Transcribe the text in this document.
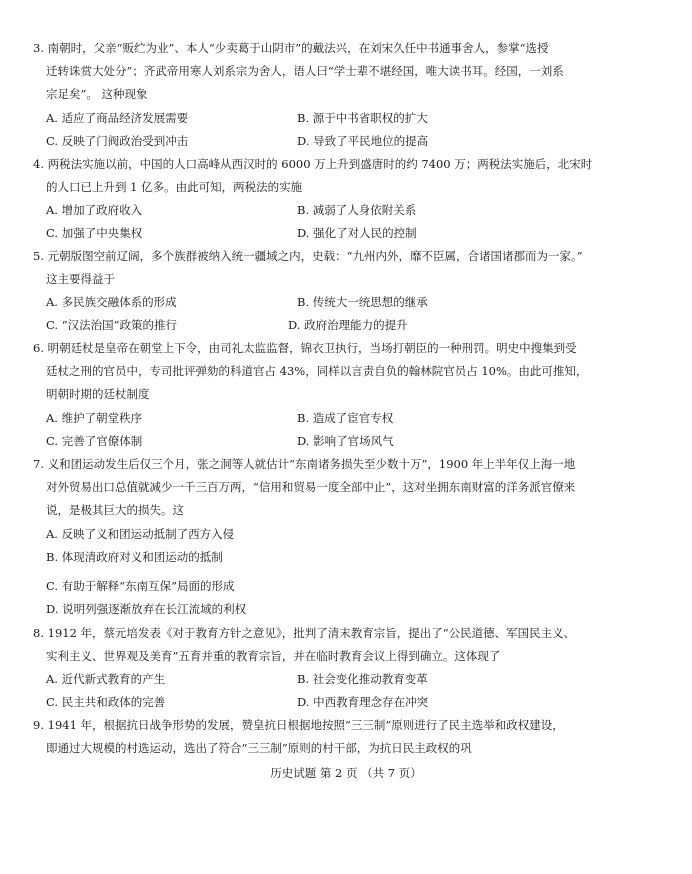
3. 南朝时，父亲“贩纻为业”、本人“少卖葛于山阴市”的戴法兴，在刘宋久任中书通事舍人，参掌“选授
迁转诛赏大处分”；齐武帝用寒人刘系宗为舍人，语人曰“学士辈不堪经国，唯大读书耳。经国，一刘系
宗足矣”。 这种现象
A. 适应了商品经济发展需要	B. 源于中书省职权的扩大
C. 反映了门阀政治受到冲击	D. 导致了平民地位的提高
4. 两税法实施以前，中国的人口高峰从西汉时的 6000 万上升到盛唐时的约 7400 万；两税法实施后，北宋时
的人口已上升到 1 亿多。由此可知，两税法的实施
A. 增加了政府收入	B. 减弱了人身依附关系
C. 加强了中央集权	D. 强化了对人民的控制
5. 元朝版图空前辽阔，多个族群被纳入统一疆域之内，史载：“九州内外，靡不臣属，合诸国诸郡而为一家。”
这主要得益于
A. 多民族交融体系的形成	B. 传统大一统思想的继承
C. “汉法治国”政策的推行	D. 政府治理能力的提升
6. 明朝廷杖是皇帝在朝堂上下令，由司礼太监监督，锦衣卫执行，当场打朝臣的一种刑罚。明史中搜集到受
廷杖之刑的官员中，专司批评弹劾的科道官占 43%，同样以言责自负的翰林院官员占 10%。由此可推知，
明朝时期的廷杖制度
A. 维护了朝堂秩序	B. 造成了宦官专权
C. 完善了官僚体制	D. 影响了官场风气
7. 义和团运动发生后仅三个月，张之洞等人就估计“东南诸务损失至少数十万”，1900 年上半年仅上海一地
对外贸易出口总值就减少一千三百万两，“信用和贸易一度全部中止”，这对坐拥东南财富的洋务派官僚来
说，是极其巨大的损失。这
A. 反映了义和团运动抵制了西方入侵
B. 体现清政府对义和团运动的抵制
C. 有助于解释“东南互保”局面的形成
D. 说明列强逐渐放弃在长江流域的利权
8. 1912 年，蔡元培发表《对于教育方针之意见》，批判了清末教育宗旨，提出了“公民道德、军国民主义、
实利主义、世界观及美育”五育并重的教育宗旨，并在临时教育会议上得到确立。这体现了
A. 近代新式教育的产生	B. 社会变化推动教育变革
C. 民主共和政体的完善	D. 中西教育理念存在冲突
9. 1941 年，根据抗日战争形势的发展，赞皇抗日根据地按照“三三制”原则进行了民主选举和政权建设，
即通过大规模的村选运动，选出了符合“三三制”原则的村干部，为抗日民主政权的巩
历史试题 第 2 页 （共 7 页）
